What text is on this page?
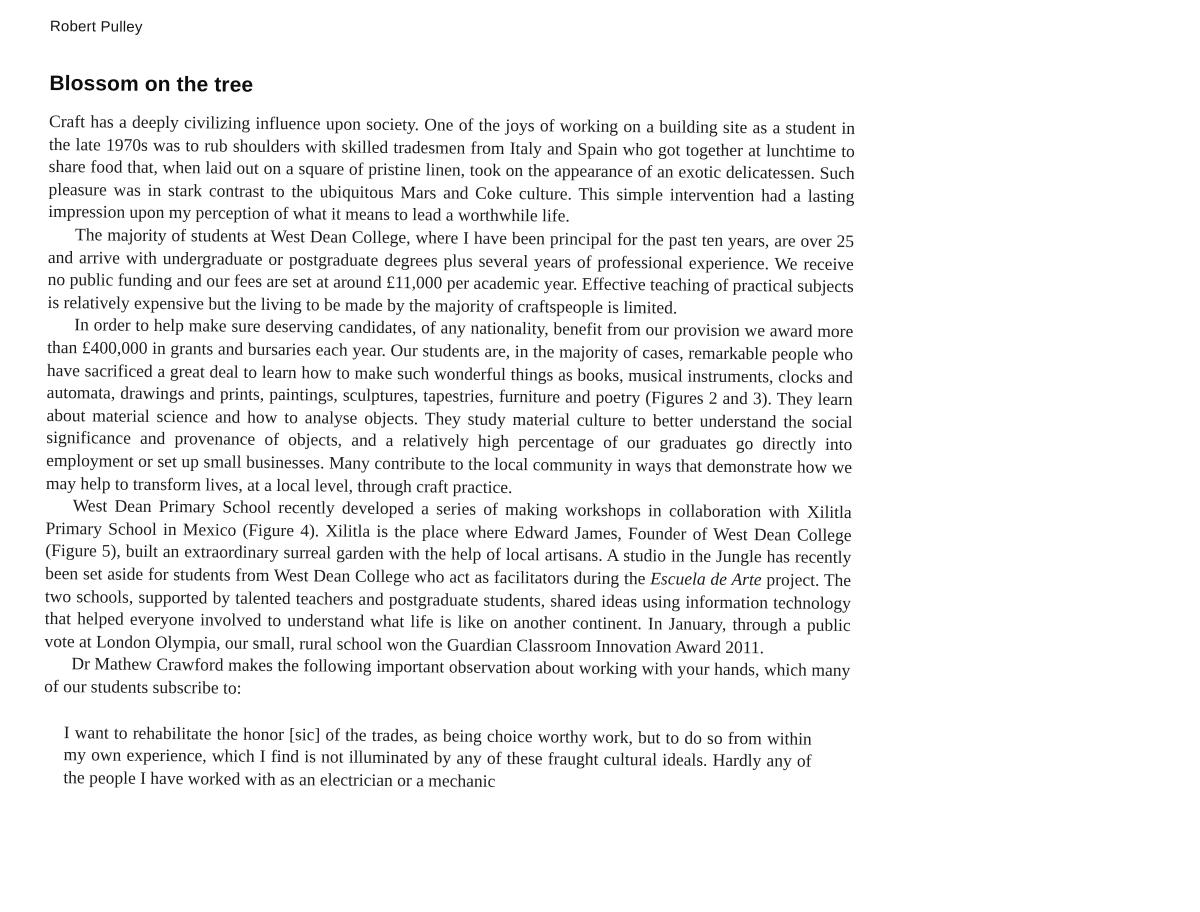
Robert Pulley
Blossom on the tree

Craft has a deeply civilizing influence upon society. One of the joys of working on a building site as a student in the late 1970s was to rub shoulders with skilled tradesmen from Italy and Spain who got together at lunchtime to share food that, when laid out on a square of pristine linen, took on the appearance of an exotic delicatessen. Such pleasure was in stark contrast to the ubiquitous Mars and Coke culture. This simple intervention had a lasting impression upon my perception of what it means to lead a worthwhile life.

The majority of students at West Dean College, where I have been principal for the past ten years, are over 25 and arrive with undergraduate or postgraduate degrees plus several years of professional experience. We receive no public funding and our fees are set at around £11,000 per academic year. Effective teaching of practical subjects is relatively expensive but the living to be made by the majority of craftspeople is limited.

In order to help make sure deserving candidates, of any nationality, benefit from our provision we award more than £400,000 in grants and bursaries each year. Our students are, in the majority of cases, remarkable people who have sacrificed a great deal to learn how to make such wonderful things as books, musical instruments, clocks and automata, drawings and prints, paintings, sculptures, tapestries, furniture and poetry (Figures 2 and 3). They learn about material science and how to analyse objects. They study material culture to better understand the social significance and provenance of objects, and a relatively high percentage of our graduates go directly into employment or set up small businesses. Many contribute to the local community in ways that demonstrate how we may help to transform lives, at a local level, through craft practice.

West Dean Primary School recently developed a series of making workshops in collaboration with Xilitla Primary School in Mexico (Figure 4). Xilitla is the place where Edward James, Founder of West Dean College (Figure 5), built an extraordinary surreal garden with the help of local artisans. A studio in the Jungle has recently been set aside for students from West Dean College who act as facilitators during the Escuela de Arte project. The two schools, supported by talented teachers and postgraduate students, shared ideas using information technology that helped everyone involved to understand what life is like on another continent. In January, through a public vote at London Olympia, our small, rural school won the Guardian Classroom Innovation Award 2011.

Dr Mathew Crawford makes the following important observation about working with your hands, which many of our students subscribe to:

I want to rehabilitate the honor [sic] of the trades, as being choice worthy work, but to do so from within my own experience, which I find is not illuminated by any of these fraught cultural ideals. Hardly any of the people I have worked with as an electrician or a mechanic
